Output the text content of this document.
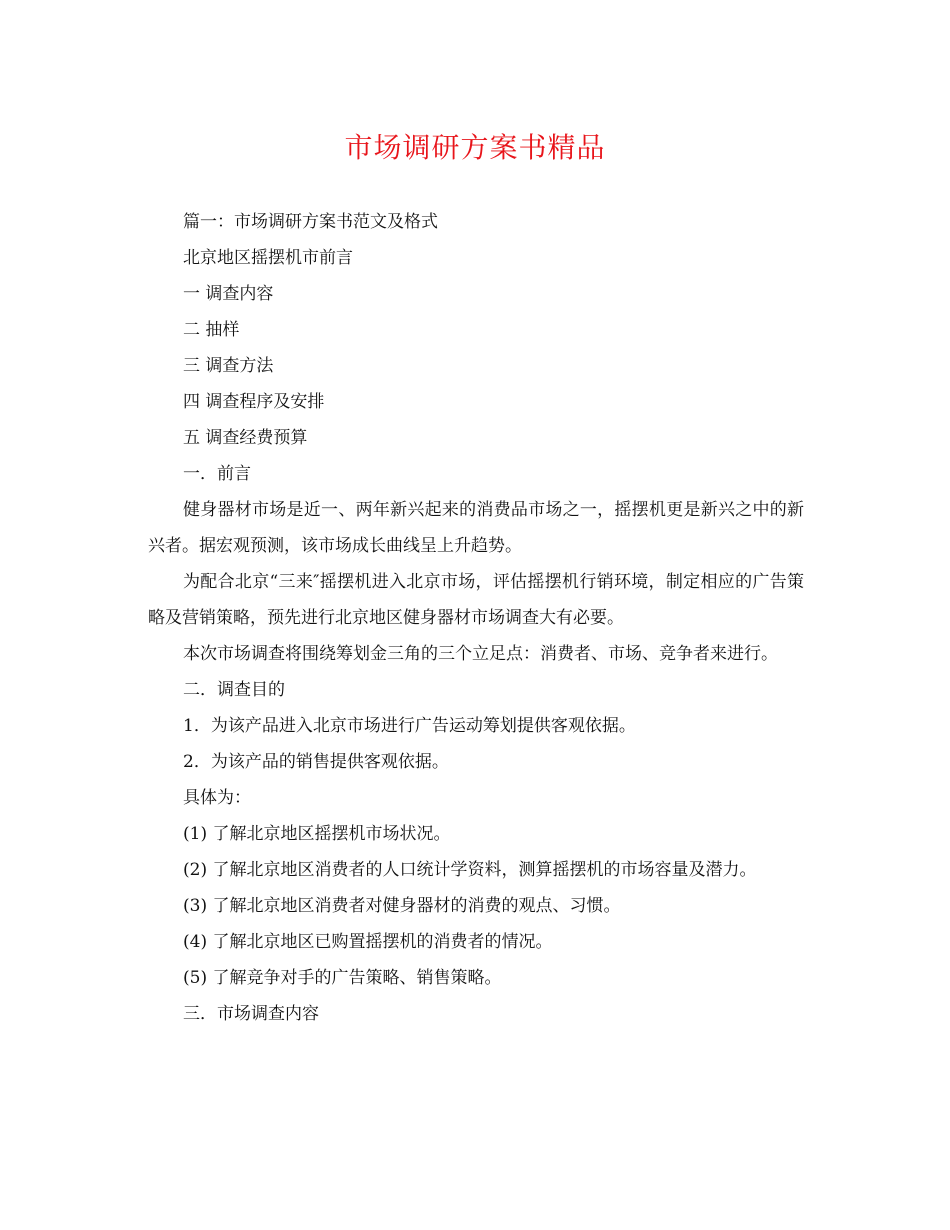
市场调研方案书精品

篇一：市场调研方案书范文及格式

北京地区摇摆机市前言

一 调查内容

二 抽样

三 调查方法

四 调查程序及安排

五 调查经费预算

一．前言

健身器材市场是近一、两年新兴起来的消费品市场之一，摇摆机更是新兴之中的新兴者。据宏观预测，该市场成长曲线呈上升趋势。

为配合北京“三来″摇摆机进入北京市场，评估摇摆机行销环境，制定相应的广告策略及营销策略，预先进行北京地区健身器材市场调查大有必要。

本次市场调查将围绕筹划金三角的三个立足点：消费者、市场、竞争者来进行。

二．调查目的

1．为该产品进入北京市场进行广告运动筹划提供客观依据。

2．为该产品的销售提供客观依据。

具体为：

(1) 了解北京地区摇摆机市场状况。

(2) 了解北京地区消费者的人口统计学资料，测算摇摆机的市场容量及潜力。

(3) 了解北京地区消费者对健身器材的消费的观点、习惯。

(4) 了解北京地区已购置摇摆机的消费者的情况。

(5) 了解竞争对手的广告策略、销售策略。

三．市场调查内容
